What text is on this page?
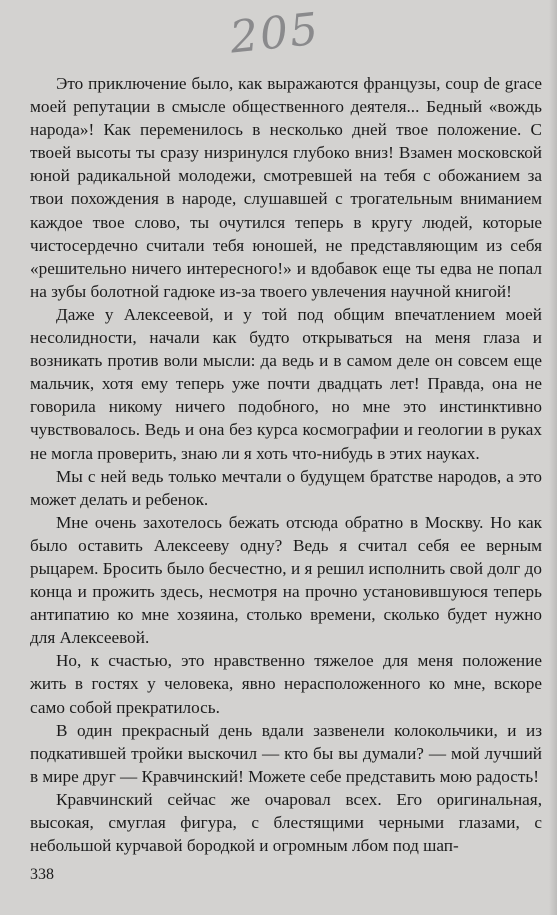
205

Это приключение было, как выражаются французы, coup de grace моей репутации в смысле общественного деятеля... Бедный «вождь народа»! Как переменилось в несколько дней твое положение. С твоей высоты ты сразу низринулся глубоко вниз! Взамен московской юной радикальной молодежи, смотревшей на тебя с обожанием за твои похождения в народе, слушавшей с трогательным вниманием каждое твое слово, ты очутился теперь в кругу людей, которые чистосердечно считали тебя юношей, не представляющим из себя «решительно ничего интересного!» и вдобавок еще ты едва не попал на зубы болотной гадюке из-за твоего увлечения научной книгой!

Даже у Алексеевой, и у той под общим впечатлением моей несолидности, начали как будто открываться на меня глаза и возникать против воли мысли: да ведь и в самом деле он совсем еще мальчик, хотя ему теперь уже почти двадцать лет! Правда, она не говорила никому ничего подобного, но мне это инстинктивно чувствовалось. Ведь и она без курса космографии и геологии в руках не могла проверить, знаю ли я хоть что-нибудь в этих науках.

Мы с ней ведь только мечтали о будущем братстве народов, а это может делать и ребенок.

Мне очень захотелось бежать отсюда обратно в Москву. Но как было оставить Алексееву одну? Ведь я считал себя ее верным рыцарем. Бросить было бесчестно, и я решил исполнить свой долг до конца и прожить здесь, несмотря на прочно установившуюся теперь антипатию ко мне хозяина, столько времени, сколько будет нужно для Алексеевой.

Но, к счастью, это нравственно тяжелое для меня положение жить в гостях у человека, явно нерасположенного ко мне, вскоре само собой прекратилось.

В один прекрасный день вдали зазвенели колокольчики, и из подкатившей тройки выскочил — кто бы вы думали? — мой лучший в мире друг — Кравчинский! Можете себе представить мою радость!

Кравчинский сейчас же очаровал всех. Его оригинальная, высокая, смуглая фигура, с блестящими черными глазами, с небольшой курчавой бородкой и огромным лбом под шап-

338
